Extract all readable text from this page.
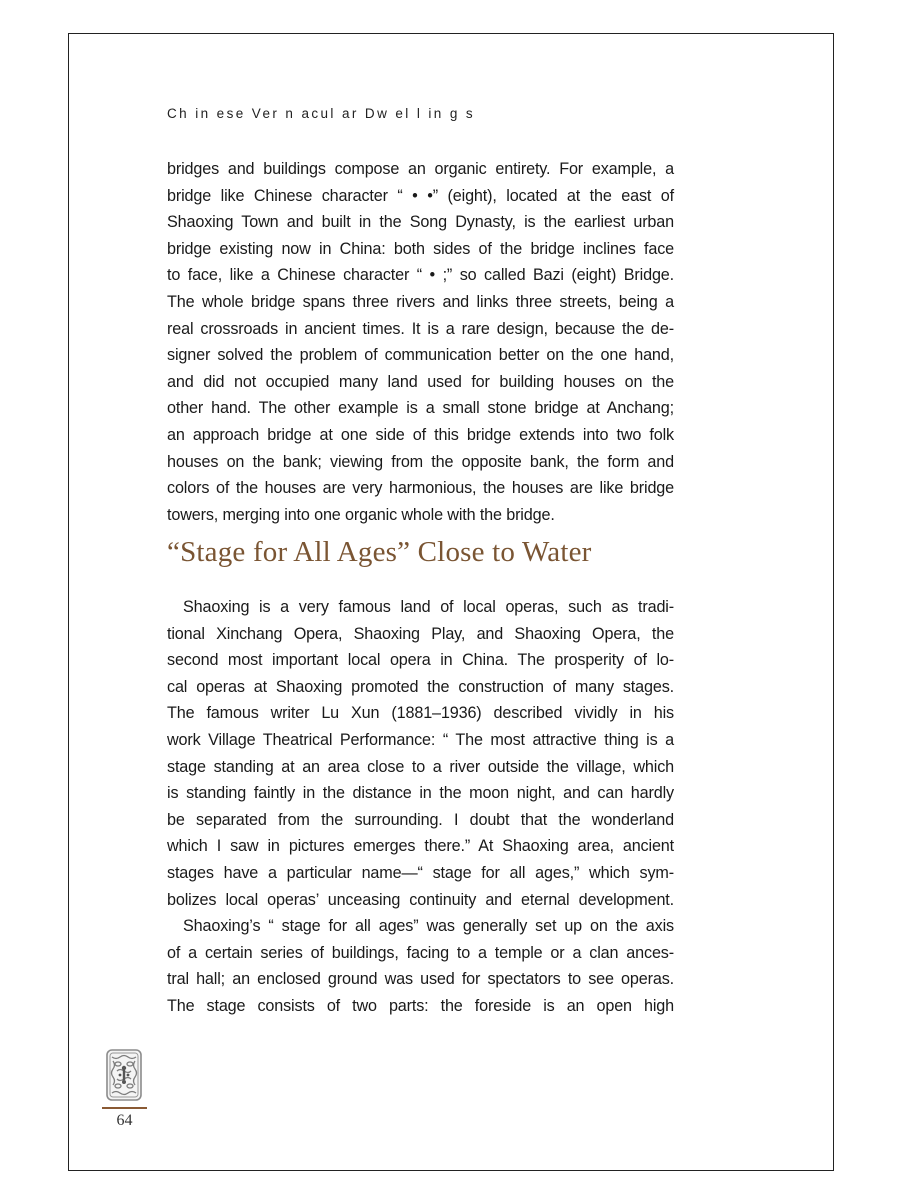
Ch in ese Ver n acul ar Dw el l in g s
bridges and buildings compose an organic entirety. For example, a
bridge like Chinese character “ • •” (eight), located at the east of
Shaoxing Town and built in the Song Dynasty, is the earliest urban
bridge existing now in China: both sides of the bridge inclines face
to face, like a Chinese character “ • ;” so called Bazi (eight) Bridge.
The whole bridge spans three rivers and links three streets, being a
real crossroads in ancient times. It is a rare design, because the de-
signer solved the problem of communication better on the one hand,
and did not occupied many land used for building houses on the
other hand. The other example is a small stone bridge at Anchang;
an approach bridge at one side of this bridge extends into two folk
houses on the bank; viewing from the opposite bank, the form and
colors of the houses are very harmonious, the houses are like bridge
towers, merging into one organic whole with the bridge.
“Stage for All Ages” Close to Water
Shaoxing is a very famous land of local operas, such as tradi-
tional Xinchang Opera, Shaoxing Play, and Shaoxing Opera, the
second most important local opera in China. The prosperity of lo-
cal operas at Shaoxing promoted the construction of many stages.
The famous writer Lu Xun (1881–1936) described vividly in his
work Village Theatrical Performance: “ The most attractive thing is a
stage standing at an area close to a river outside the village, which
is standing faintly in the distance in the moon night, and can hardly
be separated from the surrounding. I doubt that the wonderland
which I saw in pictures emerges there.” At Shaoxing area, ancient
stages have a particular name—“ stage for all ages,” which sym-
bolizes local operas’ unceasing continuity and eternal development.
Shaoxing’s “ stage for all ages” was generally set up on the axis
of a certain series of buildings, facing to a temple or a clan ances-
tral hall; an enclosed ground was used for spectators to see operas.
The stage consists of two parts: the foreside is an open high
64
